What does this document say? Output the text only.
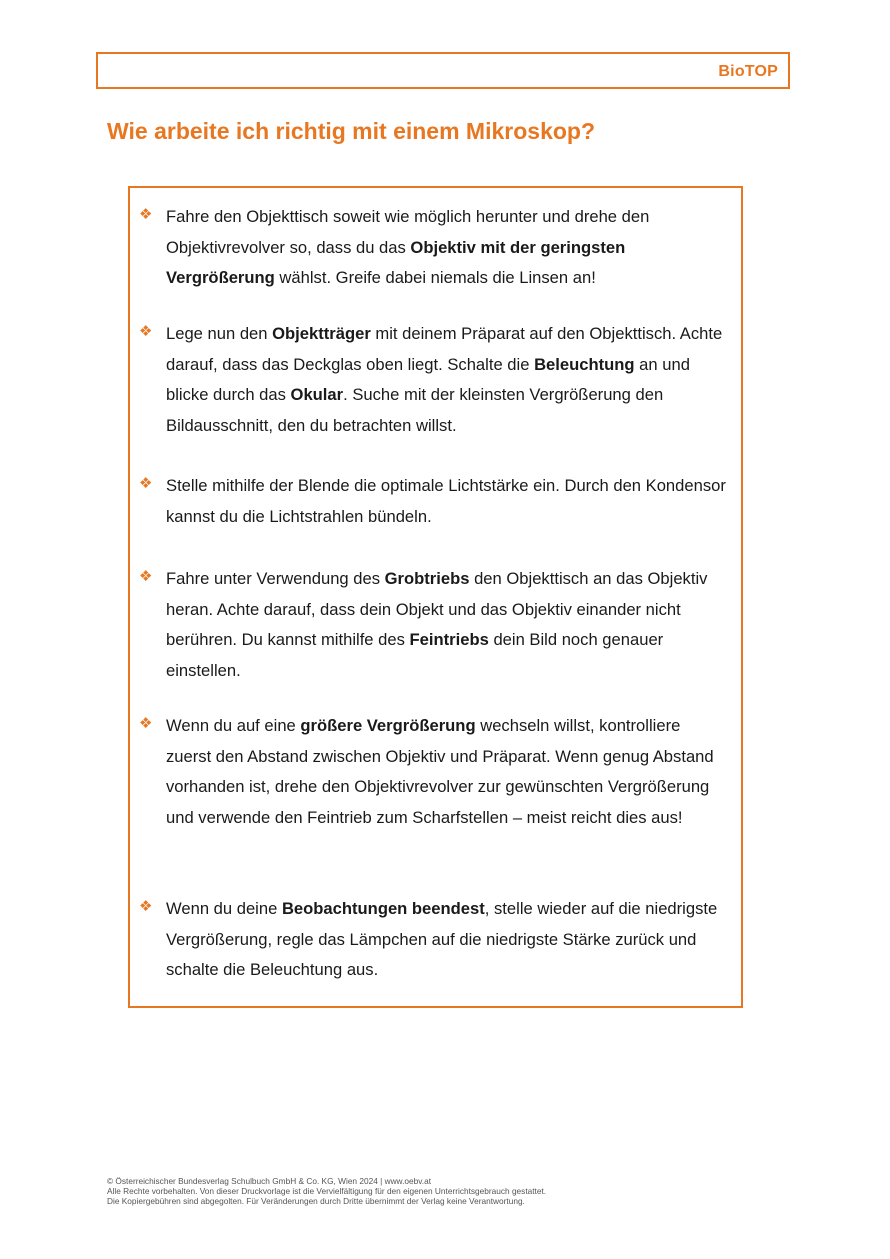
BioTOP
Wie arbeite ich richtig mit einem Mikroskop?
❖ Fahre den Objekttisch soweit wie möglich herunter und drehe den Objektivrevolver so, dass du das Objektiv mit der geringsten Vergrößerung wählst. Greife dabei niemals die Linsen an!

❖ Lege nun den Objektträger mit deinem Präparat auf den Objekttisch. Achte darauf, dass das Deckglas oben liegt. Schalte die Beleuchtung an und blicke durch das Okular. Suche mit der kleinsten Vergrößerung den Bildausschnitt, den du betrachten willst.

❖ Stelle mithilfe der Blende die optimale Lichtstärke ein. Durch den Kondensor kannst du die Lichtstrahlen bündeln.

❖ Fahre unter Verwendung des Grobtriebs den Objekttisch an das Objektiv heran. Achte darauf, dass dein Objekt und das Objektiv einander nicht berühren. Du kannst mithilfe des Feintriebs dein Bild noch genauer einstellen.

❖ Wenn du auf eine größere Vergrößerung wechseln willst, kontrolliere zuerst den Abstand zwischen Objektiv und Präparat. Wenn genug Abstand vorhanden ist, drehe den Objektivrevolver zur gewünschten Vergrößerung und verwende den Feintrieb zum Scharfstellen – meist reicht dies aus!

❖ Wenn du deine Beobachtungen beendest, stelle wieder auf die niedrigste Vergrößerung, regle das Lämpchen auf die niedrigste Stärke zurück und schalte die Beleuchtung aus.

© Österreichischer Bundesverlag Schulbuch GmbH & Co. KG, Wien 2024 | www.oebv.at
Alle Rechte vorbehalten. Von dieser Druckvorlage ist die Vervielfältigung für den eigenen Unterrichtsgebrauch gestattet.
Die Kopiergebühren sind abgegolten. Für Veränderungen durch Dritte übernimmt der Verlag keine Verantwortung.
